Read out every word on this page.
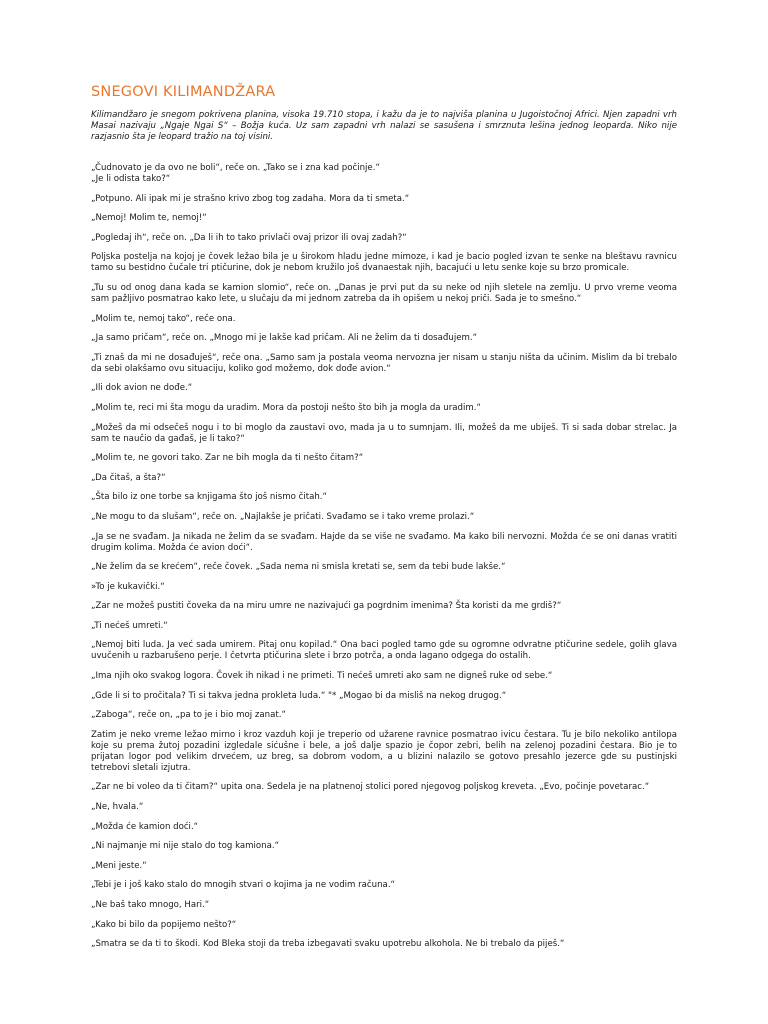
SNEGOVI KILIMANDŽARA

Kilimandžaro je snegom pokrivena planina, visoka 19.710 stopa, i kažu da je to najviša planina u Jugoistočnoj Africi. Njen zapadni vrh Masai nazivaju „Ngaje Ngai S“ – Božja kuća. Uz sam zapadni vrh nalazi se sasušena i smrznuta lešina jednog leoparda. Niko nije razjasnio šta je leopard tražio na toj visini.

„Čudnovato je da ovo ne boli“, reče on. „Tako se i zna kad počinje.“

„Je li odista tako?“

„Potpuno. Ali ipak mi je strašno krivo zbog tog zadaha. Mora da ti smeta.“

„Nemoj! Molim te, nemoj!“

„Pogledaj ih“, reče on. „Da li ih to tako privlači ovaj prizor ili ovaj zadah?“

Poljska postelja na kojoj je čovek ležao bila je u širokom hladu jedne mimoze, i kad je bacio pogled izvan te senke na bleštavu ravnicu tamo su bestidno čučale tri ptičurine, dok je nebom kružilo još dvanaestak njih, bacajući u letu senke koje su brzo promicale.

„Tu su od onog dana kada se kamion slomio“, reče on. „Danas je prvi put da su neke od njih sletele na zemlju. U prvo vreme veoma sam pažljivo posmatrao kako lete, u slučaju da mi jednom zatreba da ih opišem u nekoj priči. Sada je to smešno.“

„Molim te, nemoj tako“, reče ona.

„Ja samo pričam“, reče on. „Mnogo mi je lakše kad pričam. Ali ne želim da ti dosađujem.“

„Ti znaš da mi ne dosađuješ“, reče ona. „Samo sam ja postala veoma nervozna jer nisam u stanju ništa da učinim. Mislim da bi trebalo da sebi olakšamo ovu situaciju, koliko god možemo, dok dođe avion.“

„Ili dok avion ne dođe.“

„Molim te, reci mi šta mogu da uradim. Mora da postoji nešto što bih ja mogla da uradim.“

„Možeš da mi odsečeš nogu i to bi moglo da zaustavi ovo, mada ja u to sumnjam. Ili, možeš da me ubiješ. Ti si sada dobar strelac. Ja sam te naučio da gađaš, je li tako?“

„Molim te, ne govori tako. Zar ne bih mogla da ti nešto čitam?“

„Da čitaš, a šta?“

„Šta bilo iz one torbe sa knjigama što još nismo čitah.“

„Ne mogu to da slušam“, reče on. „Najlakše je pričati. Svađamo se i tako vreme prolazi.“

„Ja se ne svađam. Ja nikada ne želim da se svađam. Hajde da se više ne svađamo. Ma kako bili nervozni. Možda će se oni danas vratiti drugim kolima. Možda će avion doći“.

„Ne želim da se krećem“, reče čovek. „Sada nema ni smisla kretati se, sem da tebi bude lakše.“

»To je kukavički.“

„Zar ne možeš pustiti čoveka da na miru umre ne nazivajući ga pogrdnim imenima? Šta koristi da me grdiš?“

„Ti nećeš umreti.“

„Nemoj biti luda. Ja već sada umirem. Pitaj onu kopilad.“ Ona baci pogled tamo gde su ogromne odvratne ptičurine sedele, golih glava uvučenih u razbarušeno perje. I četvrta ptičurina slete i brzo potrča, a onda lagano odgega do ostalih.

„Ima njih oko svakog logora. Čovek ih nikad i ne primeti. Ti nećeš umreti ako sam ne digneš ruke od sebe.“

„Gde li si to pročitala? Ti si takva jedna prokleta luda.“ "* „Mogao bi da misliš na nekog drugog.“

„Zaboga“, reče on, „pa to je i bio moj zanat.“

Zatim je neko vreme ležao mirno i kroz vazduh koji je treperio od užarene ravnice posmatrao ivicu čestara. Tu je bilo nekoliko antilopa koje su prema žutoj pozadini izgledale sićušne i bele, a još dalje spazio je čopor zebri, belih na zelenoj pozadini čestara. Bio je to prijatan logor pod velikim drvećem, uz breg, sa dobrom vodom, a u blizini nalazilo se gotovo presahlo jezerce gde su pustinjski tetrebovi sletali izjutra.

„Zar ne bi voleo da ti čitam?“ upita ona. Sedela je na platnenoj stolici pored njegovog poljskog kreveta. „Evo, počinje povetarac.“

„Ne, hvala.“

„Možda će kamion doći.“

„Ni najmanje mi nije stalo do tog kamiona.“

„Meni jeste.“

„Tebi je i još kako stalo do mnogih stvari o kojima ja ne vodim računa.“

„Ne baš tako mnogo, Hari.“

„Kako bi bilo da popijemo nešto?“

„Smatra se da ti to škodi. Kod Bleka stoji da treba izbegavati svaku upotrebu alkohola. Ne bi trebalo da piješ.“
